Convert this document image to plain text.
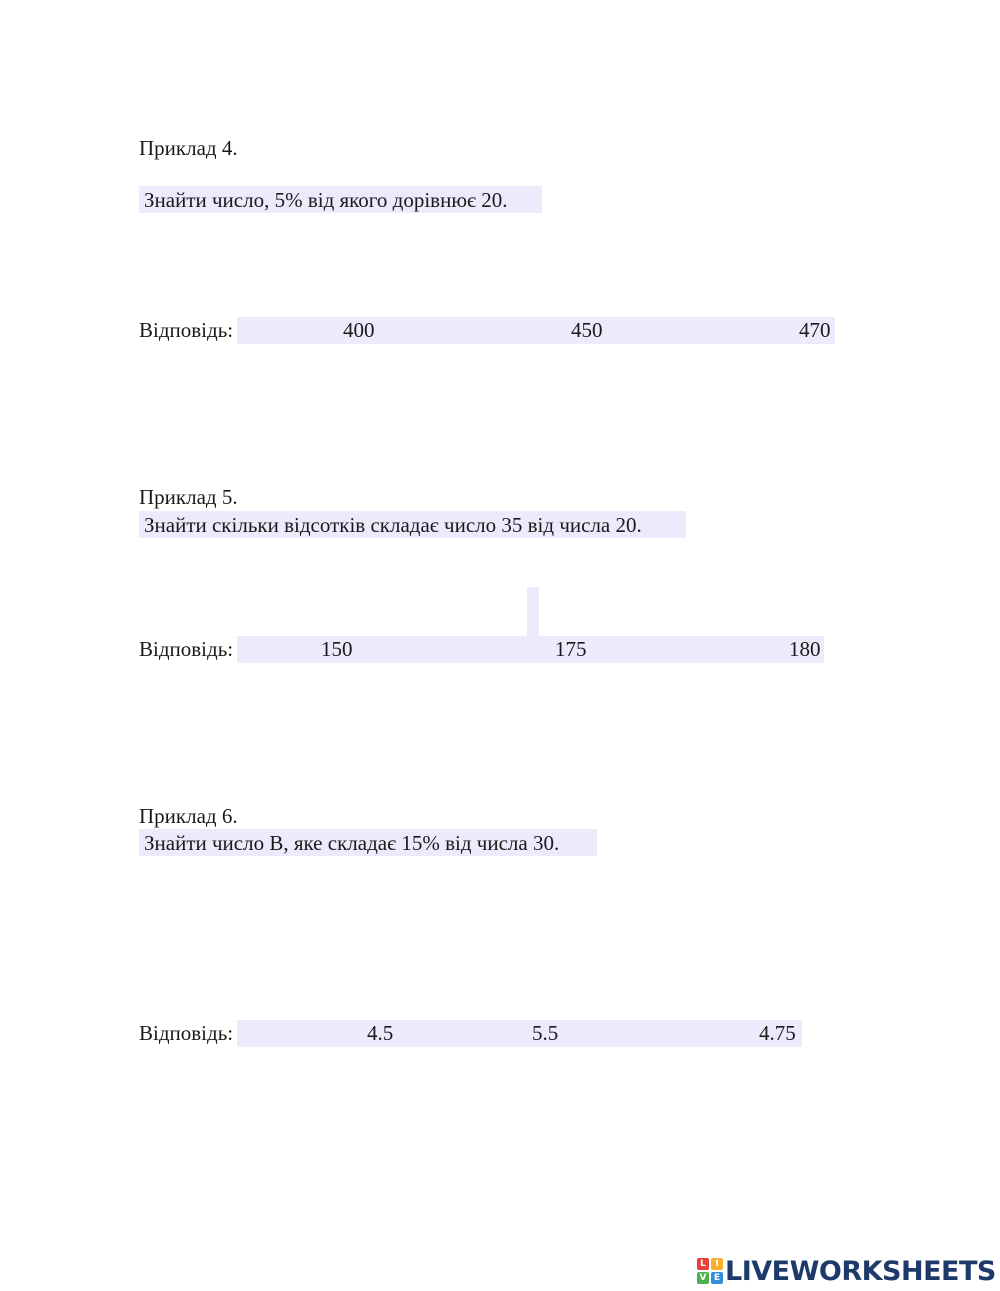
Приклад 4.
Знайти число, 5% від якого дорівнює 20.
Відповідь:	400	450	470
Приклад 5.
Знайти скільки відсотків складає число 35 від числа 20.
Відповідь:	150	175	180
Приклад 6.
Знайти число В, яке складає 15% від числа 30.
Відповідь:	4.5	5.5	4.75
L	I
V E LIVEWORKSHEETS
